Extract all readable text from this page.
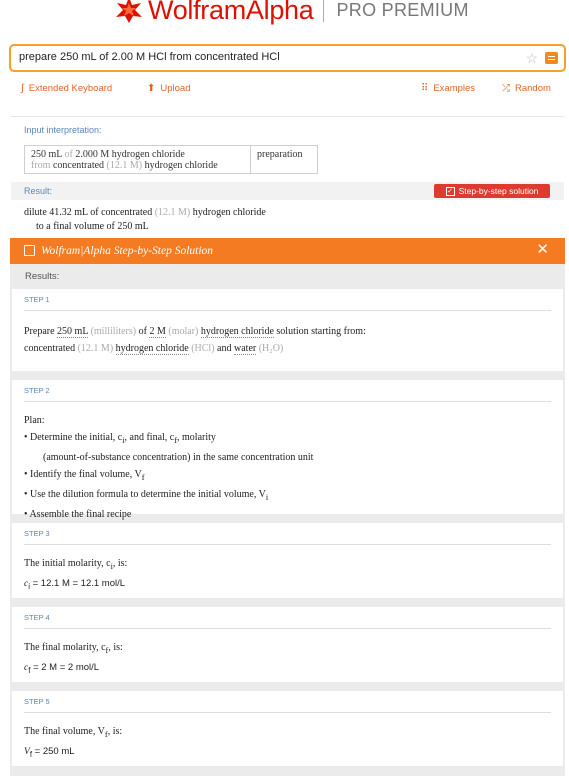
WolframAlpha PRO PREMIUM
prepare 250 mL of 2.00 M HCl from concentrated HCl	☆
∫ Extended Keyboard	⬆ Upload	⠿ Examples	⤮ Random
Input interpretation:
250 mL of 2.000 M hydrogen chloride
from concentrated (12.1 M) hydrogen chloride
preparation
Result:	✓ Step-by-step solution
dilute 41.32 mL of concentrated (12.1 M) hydrogen chloride
to a final volume of 250 mL
Wolfram|Alpha Step-by-Step Solution	✕
Results:
STEP 1
Prepare 250 mL (milliliters) of 2 M (molar) hydrogen chloride solution starting from:
concentrated (12.1 M) hydrogen chloride (HCl) and water (H₂O)
STEP 2
Plan:
• Determine the initial, $c_i$, and final, $c_f$, molarity
(amount-of-substance concentration) in the same concentration unit
• Identify the final volume, $V_f$
• Use the dilution formula to determine the initial volume, $V_i$
• Assemble the final recipe
STEP 3
The initial molarity, $c_i$, is:
$c_i = 12.1$ M = 12.1 mol/L
STEP 4
The final molarity, $c_f$, is:
$c_f = 2$ M = 2 mol/L
STEP 5
The final volume, $V_f$, is:
$V_f = 250$ mL
